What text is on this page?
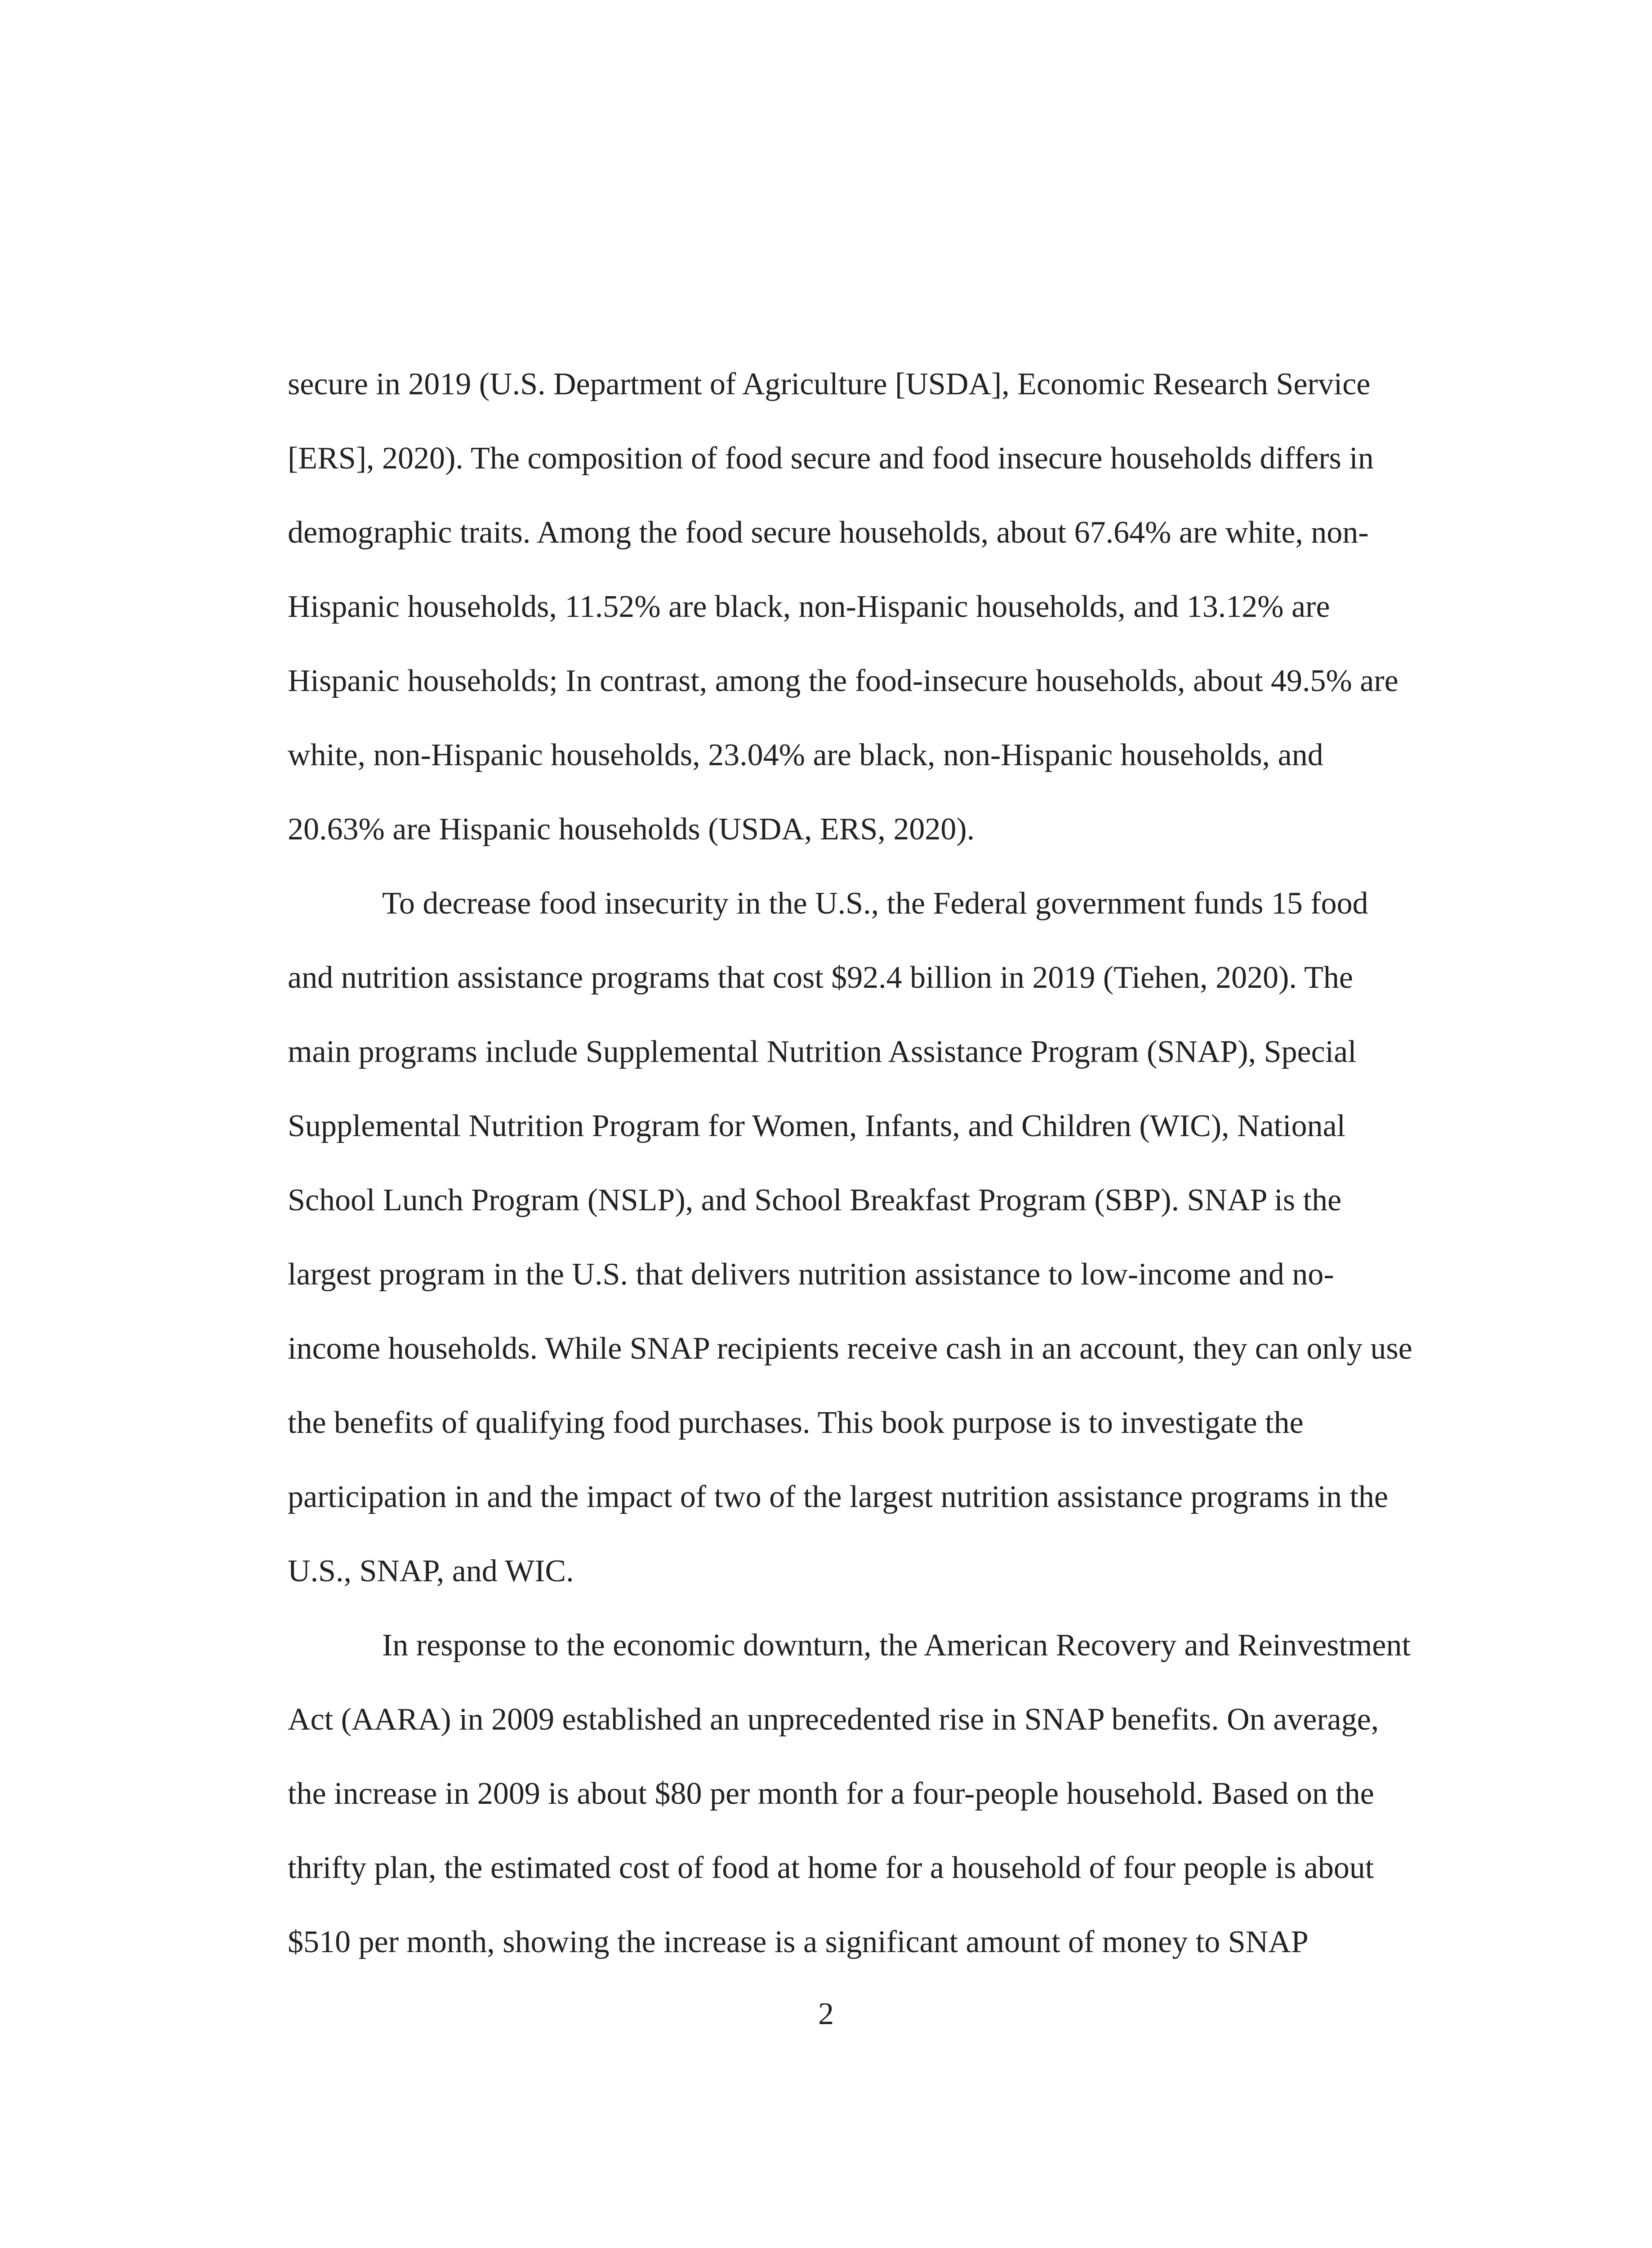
secure in 2019 (U.S. Department of Agriculture [USDA], Economic Research Service

[ERS], 2020). The composition of food secure and food insecure households differs in

demographic traits. Among the food secure households, about 67.64% are white, non-

Hispanic households, 11.52% are black, non-Hispanic households, and 13.12% are

Hispanic households; In contrast, among the food-insecure households, about 49.5% are

white, non-Hispanic households, 23.04% are black, non-Hispanic households, and

20.63% are Hispanic households (USDA, ERS, 2020).

To decrease food insecurity in the U.S., the Federal government funds 15 food

and nutrition assistance programs that cost $92.4 billion in 2019 (Tiehen, 2020). The

main programs include Supplemental Nutrition Assistance Program (SNAP), Special

Supplemental Nutrition Program for Women, Infants, and Children (WIC), National

School Lunch Program (NSLP), and School Breakfast Program (SBP). SNAP is the

largest program in the U.S. that delivers nutrition assistance to low-income and no-

income households. While SNAP recipients receive cash in an account, they can only use

the benefits of qualifying food purchases. This book purpose is to investigate the

participation in and the impact of two of the largest nutrition assistance programs in the

U.S., SNAP, and WIC.

In response to the economic downturn, the American Recovery and Reinvestment

Act (AARA) in 2009 established an unprecedented rise in SNAP benefits. On average,

the increase in 2009 is about $80 per month for a four-people household. Based on the

thrifty plan, the estimated cost of food at home for a household of four people is about

$510 per month, showing the increase is a significant amount of money to SNAP

2
